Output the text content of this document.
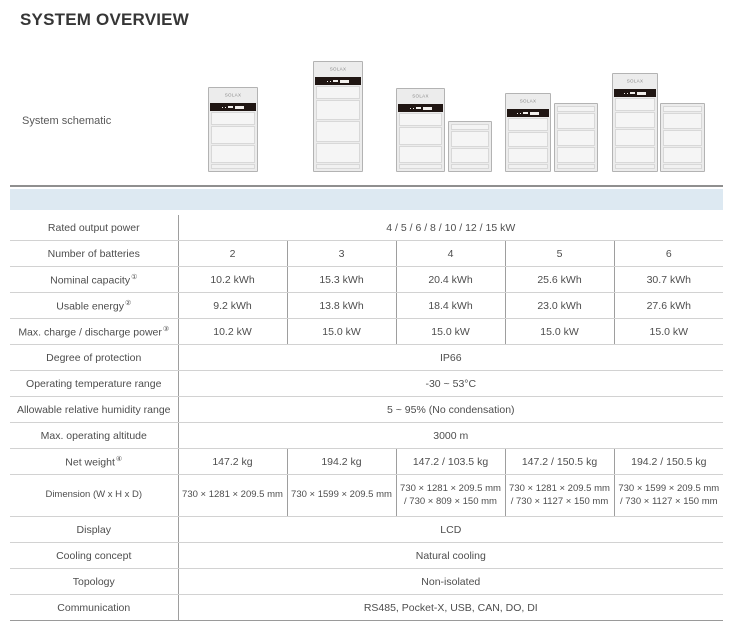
SYSTEM OVERVIEW
System schematic
SOLAX
SOLAX
SOLAX
SOLAX
SOLAX
Rated output power	4 / 5 / 6 / 8 / 10 / 12 / 15 kW				
Number of batteries	2	3	4	5	6
Nominal capacity①	10.2 kWh	15.3 kWh	20.4 kWh	25.6 kWh	30.7 kWh
Usable energy②	9.2 kWh	13.8 kWh	18.4 kWh	23.0 kWh	27.6 kWh
Max. charge / discharge power③	10.2 kW	15.0 kW	15.0 kW	15.0 kW	15.0 kW
Degree of protection	IP66				
Operating temperature range	-30 ~ 53°C				
Allowable relative humidity range	5 ~ 95% (No condensation)				
Max. operating altitude	3000 m				
Net weight④	147.2 kg	194.2 kg	147.2 / 103.5 kg	147.2 / 150.5 kg	194.2 / 150.5 kg
Dimension (W x H x D)	730 × 1281 × 209.5 mm	730 × 1599 × 209.5 mm	730 × 1281 × 209.5 mm / 730 × 809 × 150 mm	730 × 1281 × 209.5 mm / 730 × 1127 × 150 mm	730 × 1599 × 209.5 mm / 730 × 1127 × 150 mm
Display	LCD				
Cooling concept	Natural cooling				
Topology	Non-isolated				
Communication	RS485, Pocket-X, USB, CAN, DO, DI				
